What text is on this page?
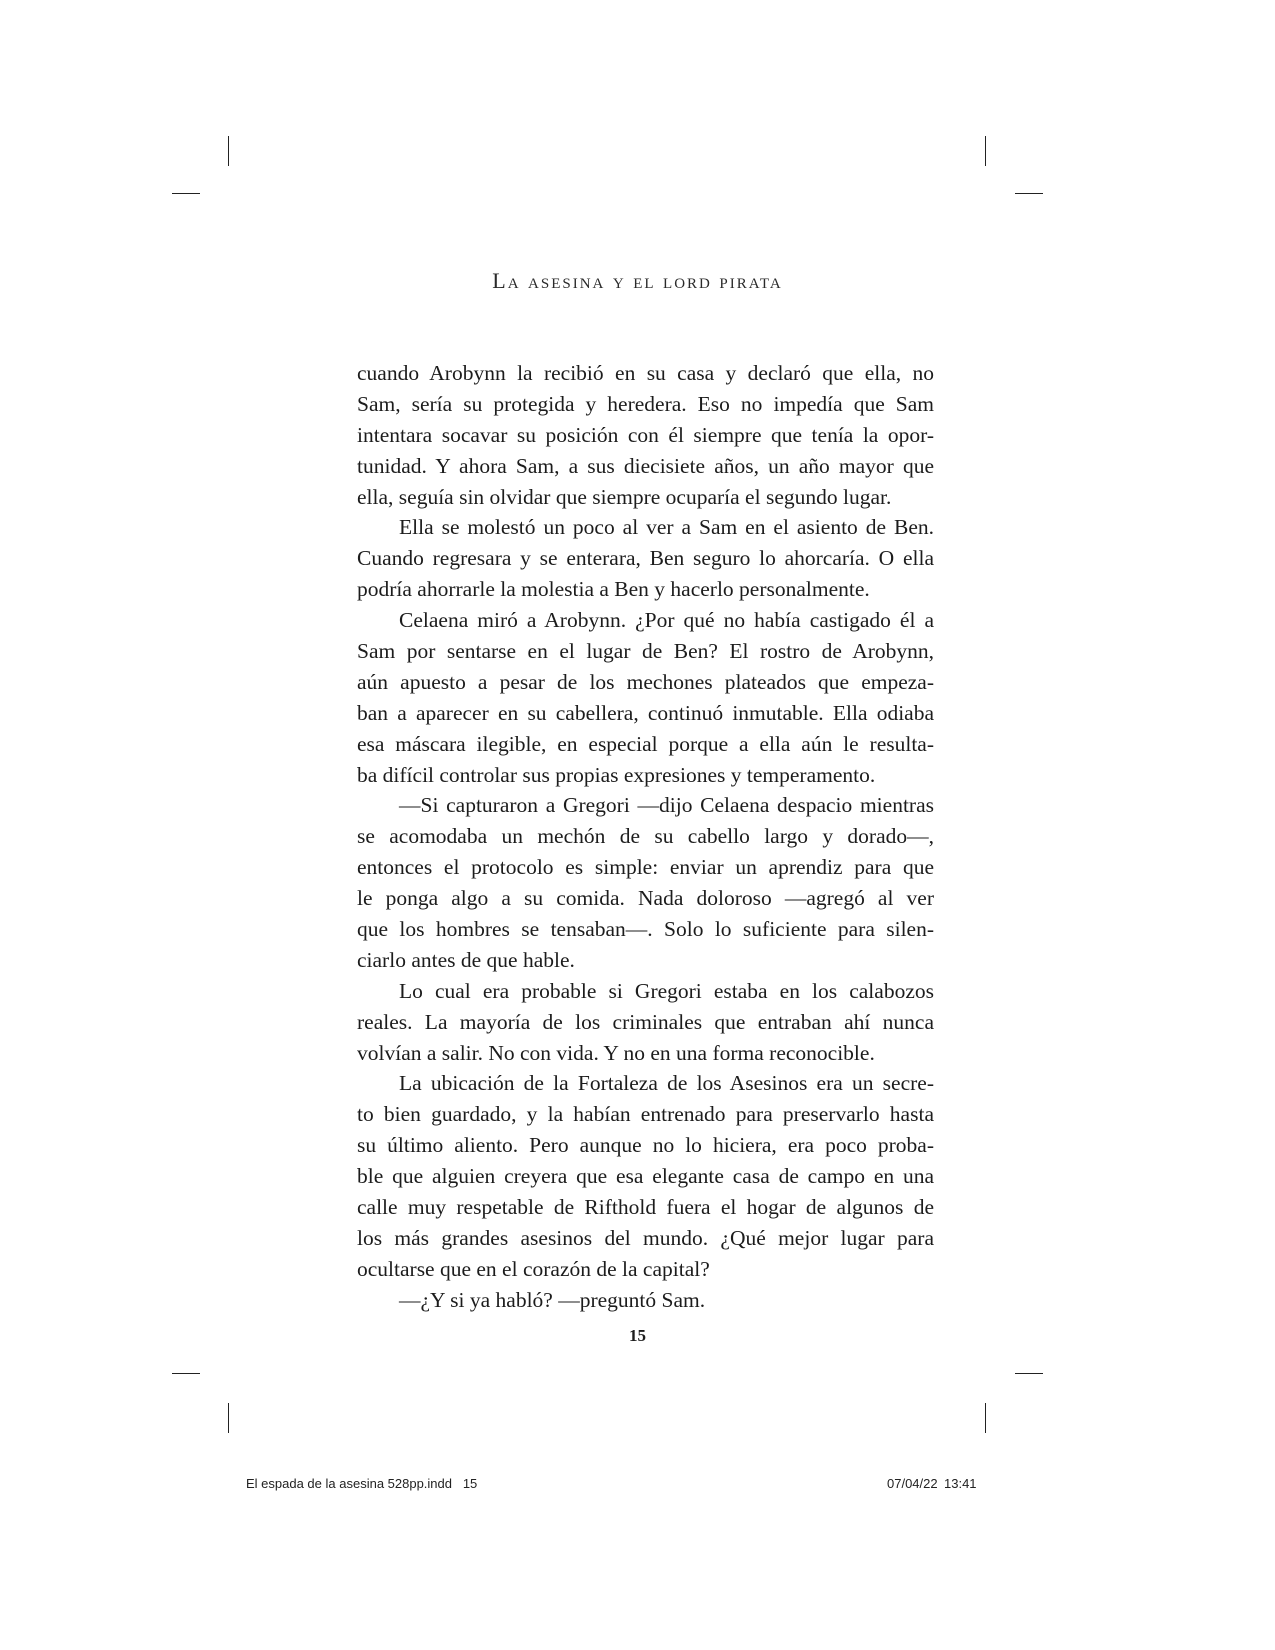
La asesina y el lord pirata
cuando Arobynn la recibió en su casa y declaró que ella, no
Sam, sería su protegida y heredera. Eso no impedía que Sam
intentara socavar su posición con él siempre que tenía la opor-
tunidad. Y ahora Sam, a sus diecisiete años, un año mayor que
ella, seguía sin olvidar que siempre ocuparía el segundo lugar.
Ella se molestó un poco al ver a Sam en el asiento de Ben.
Cuando regresara y se enterara, Ben seguro lo ahorcaría. O ella
podría ahorrarle la molestia a Ben y hacerlo personalmente.
Celaena miró a Arobynn. ¿Por qué no había castigado él a
Sam por sentarse en el lugar de Ben? El rostro de Arobynn,
aún apuesto a pesar de los mechones plateados que empeza-
ban a aparecer en su cabellera, continuó inmutable. Ella odiaba
esa máscara ilegible, en especial porque a ella aún le resulta-
ba difícil controlar sus propias expresiones y temperamento.
—Si capturaron a Gregori —dijo Celaena despacio mientras
se acomodaba un mechón de su cabello largo y dorado—,
entonces el protocolo es simple: enviar un aprendiz para que
le ponga algo a su comida. Nada doloroso —agregó al ver
que los hombres se tensaban—. Solo lo suficiente para silen-
ciarlo antes de que hable.
Lo cual era probable si Gregori estaba en los calabozos
reales. La mayoría de los criminales que entraban ahí nunca
volvían a salir. No con vida. Y no en una forma reconocible.
La ubicación de la Fortaleza de los Asesinos era un secre-
to bien guardado, y la habían entrenado para preservarlo hasta
su último aliento. Pero aunque no lo hiciera, era poco proba-
ble que alguien creyera que esa elegante casa de campo en una
calle muy respetable de Rifthold fuera el hogar de algunos de
los más grandes asesinos del mundo. ¿Qué mejor lugar para
ocultarse que en el corazón de la capital?
—¿Y si ya habló? —preguntó Sam.
15
El espada de la asesina 528pp.indd   15	07/04/22 13:41
